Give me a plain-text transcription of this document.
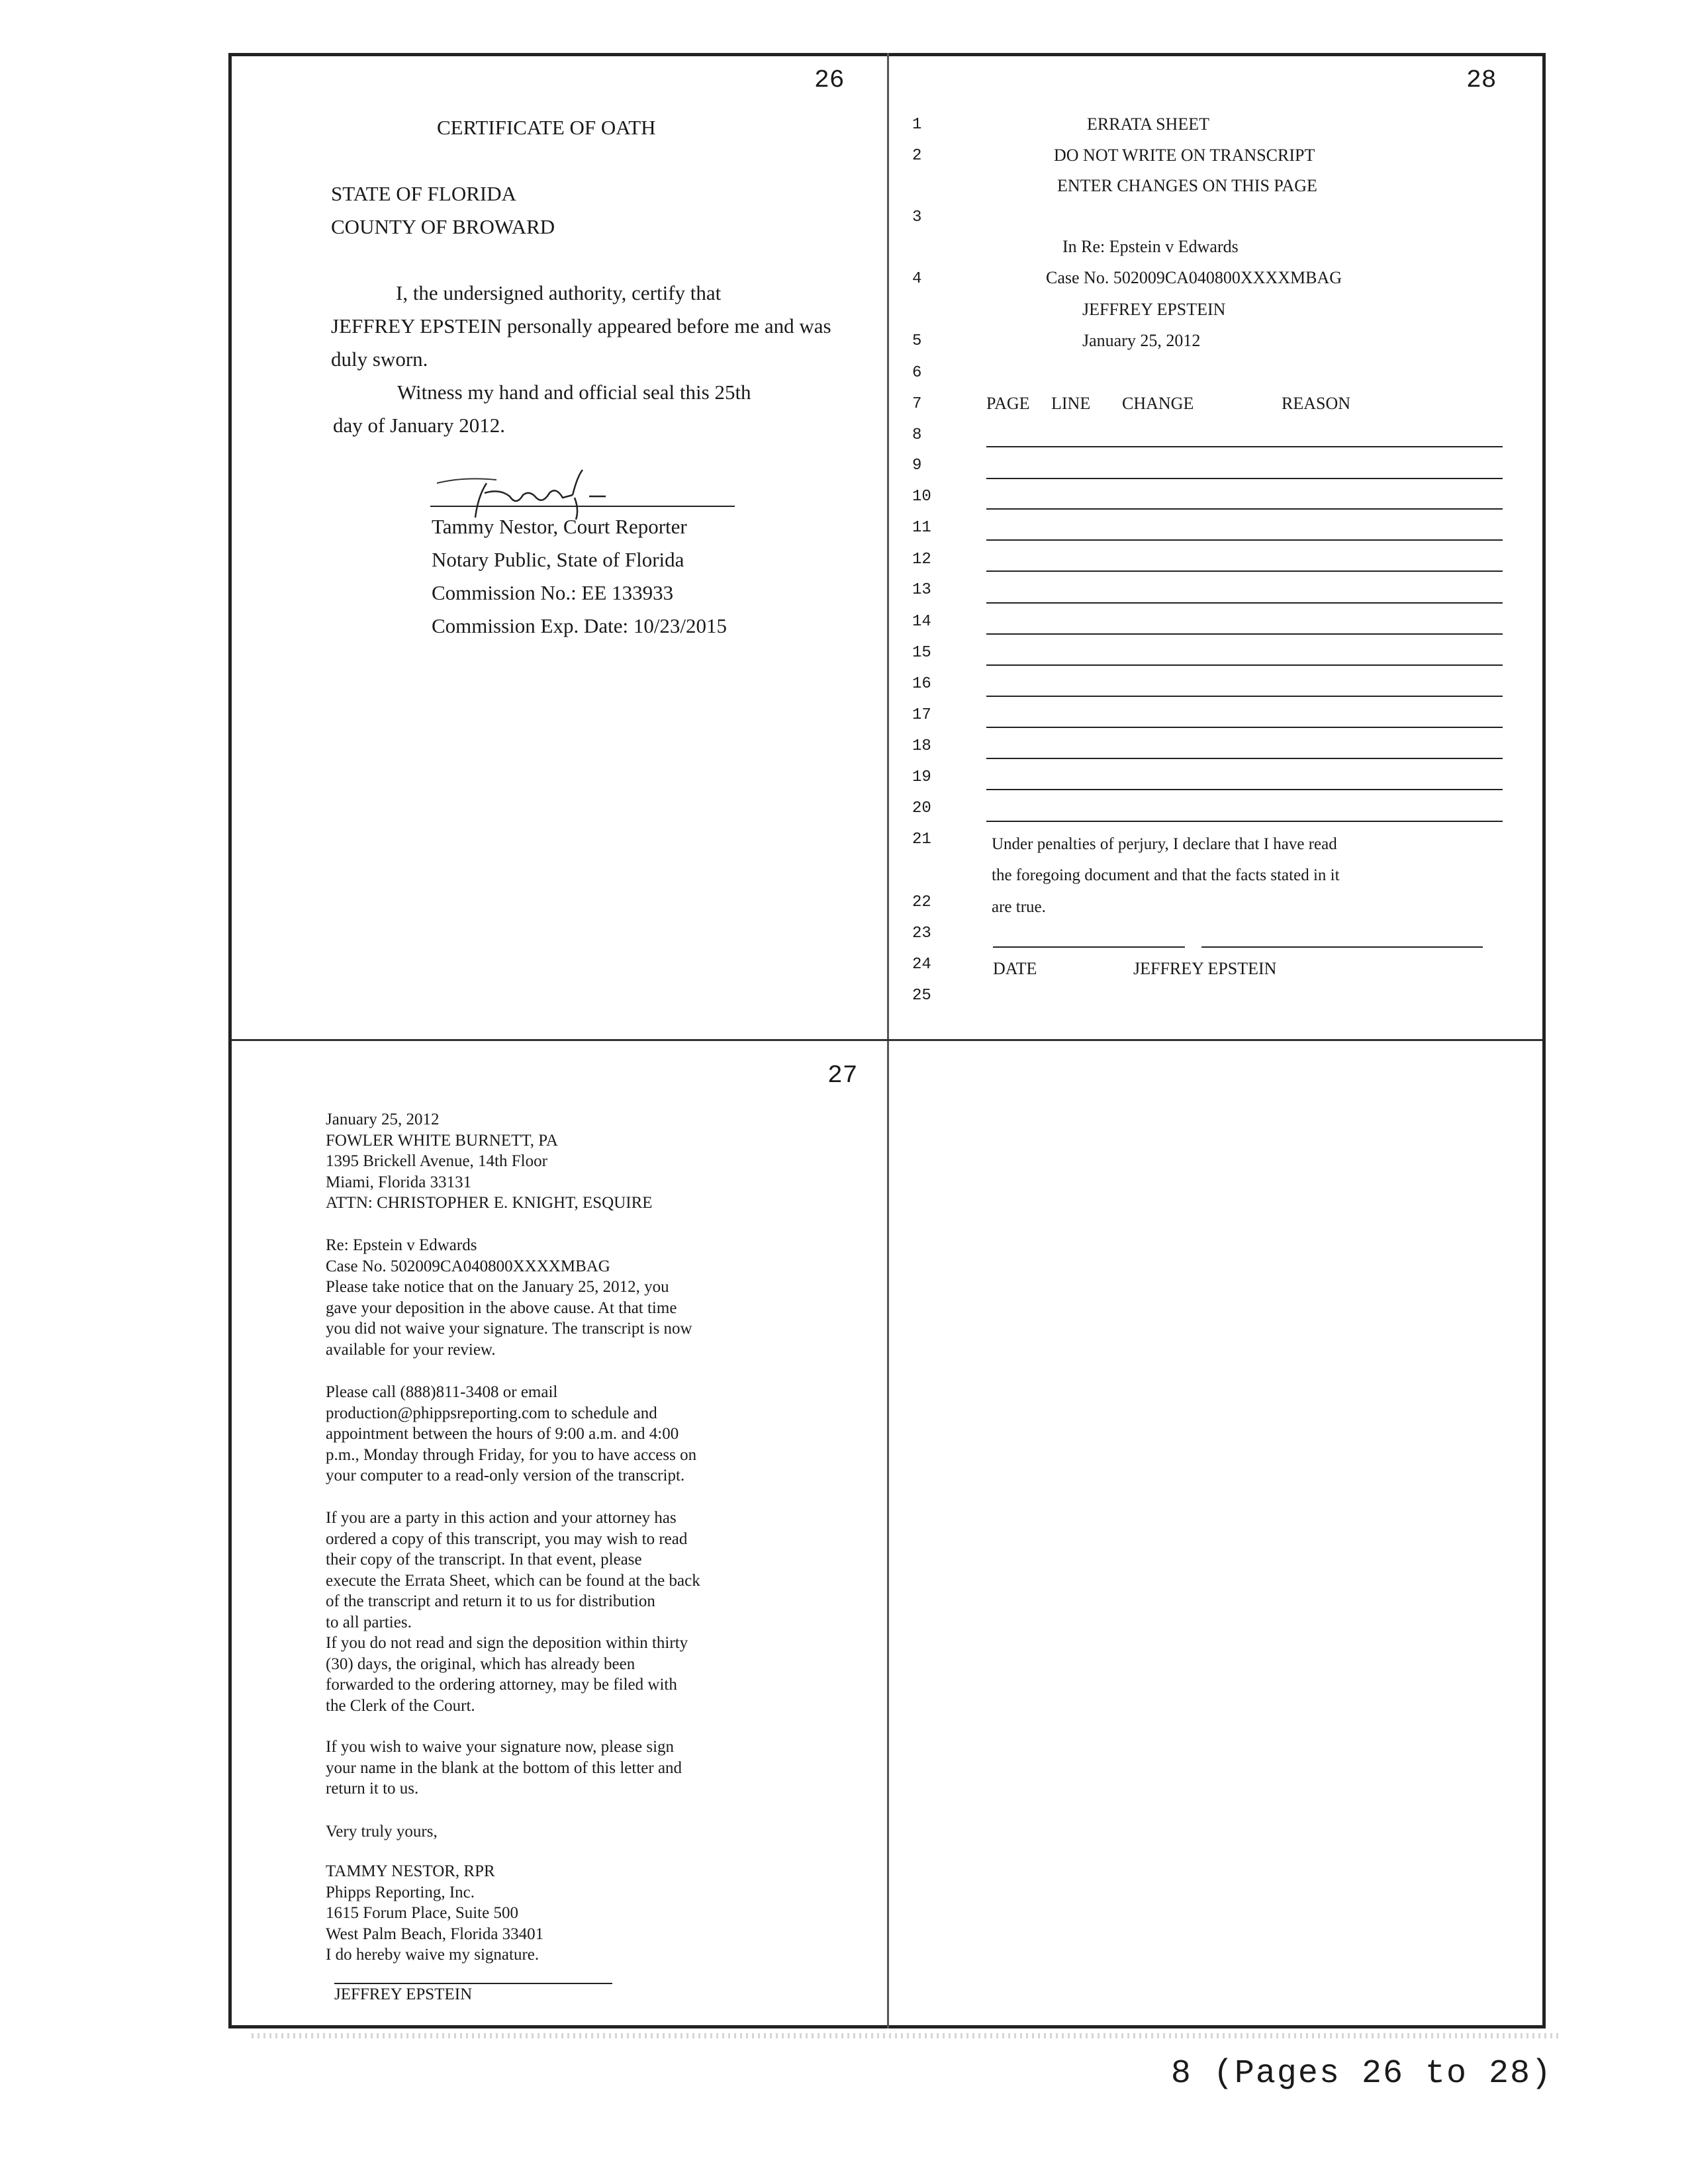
26
CERTIFICATE OF OATH
STATE OF FLORIDA
COUNTY OF BROWARD
I, the undersigned authority, certify that
JEFFREY EPSTEIN personally appeared before me and was
duly sworn.
Witness my hand and official seal this 25th
day of January 2012.
Tammy Nestor, Court Reporter
Notary Public, State of Florida
Commission No.: EE 133933
Commission Exp. Date: 10/23/2015
28
1
2
3
4
5
6
7
8
9
10
11
12
13
14
15
16
17
18
19
20
21
22
23
24
25
ERRATA SHEET
DO NOT WRITE ON TRANSCRIPT
ENTER CHANGES ON THIS PAGE
In Re: Epstein v Edwards
Case No. 502009CA040800XXXXMBAG
JEFFREY EPSTEIN
January 25, 2012
PAGE LINE CHANGE	REASON
Under penalties of perjury, I declare that I have read
the foregoing document and that the facts stated in it
are true.
DATE	JEFFREY EPSTEIN
27
January 25, 2012
FOWLER WHITE BURNETT, PA
1395 Brickell Avenue, 14th Floor
Miami, Florida 33131
ATTN: CHRISTOPHER E. KNIGHT, ESQUIRE
Re: Epstein v Edwards
Case No. 502009CA040800XXXXMBAG
Please take notice that on the January 25, 2012, you
gave your deposition in the above cause. At that time
you did not waive your signature. The transcript is now
available for your review.
Please call (888)811-3408 or email
production@phippsreporting.com to schedule and
appointment between the hours of 9:00 a.m. and 4:00
p.m., Monday through Friday, for you to have access on
your computer to a read-only version of the transcript.
If you are a party in this action and your attorney has
ordered a copy of this transcript, you may wish to read
their copy of the transcript. In that event, please
execute the Errata Sheet, which can be found at the back
of the transcript and return it to us for distribution
to all parties.
If you do not read and sign the deposition within thirty
(30) days, the original, which has already been
forwarded to the ordering attorney, may be filed with
the Clerk of the Court.
If you wish to waive your signature now, please sign
your name in the blank at the bottom of this letter and
return it to us.
Very truly yours,
TAMMY NESTOR, RPR
Phipps Reporting, Inc.
1615 Forum Place, Suite 500
West Palm Beach, Florida 33401
I do hereby waive my signature.
JEFFREY EPSTEIN
8 (Pages 26 to 28)
